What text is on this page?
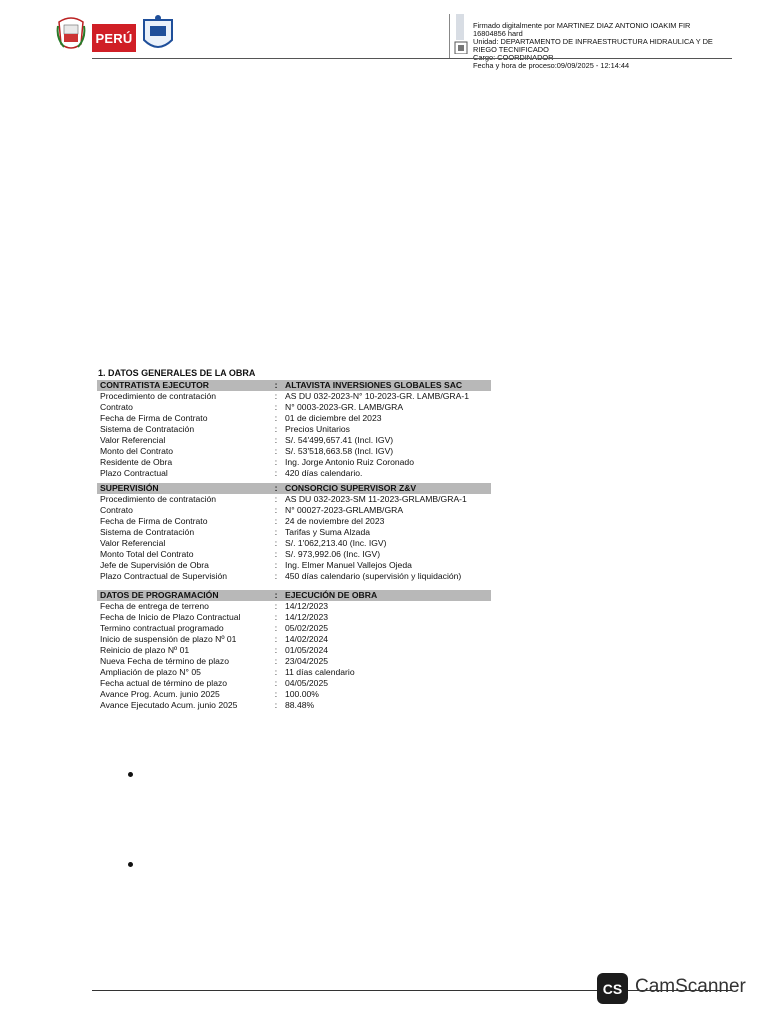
PERÚ
Firmado digitalmente por MARTINEZ DIAZ ANTONIO IOAKIM FIR
16804856 hard
Unidad: DEPARTAMENTO DE INFRAESTRUCTURA HIDRAULICA Y DE
RIEGO TECNIFICADO
Fecha y hora de proceso:09/09/2025 - 12:14:44
1. DATOS GENERALES DE LA OBRA
CONTRATISTA EJECUTOR	:	ALTAVISTA INVERSIONES GLOBALES SAC
Procedimiento de contratación	:	AS DU 032-2023-N° 10-2023-GR. LAMB/GRA-1
Contrato	:	N° 0003-2023-GR. LAMB/GRA
Fecha de Firma de Contrato	:	01 de diciembre del 2023
Sistema de Contratación	:	Precios Unitarios
Valor Referencial	:	S/. 54'499,657.41 (Incl. IGV)
Monto del Contrato	:	S/. 53'518,663.58 (Incl. IGV)
Residente de Obra	:	Ing. Jorge Antonio Ruiz Coronado
Plazo Contractual	:	420 días calendario.
SUPERVISIÓN	:	CONSORCIO SUPERVISOR Z&V
Procedimiento de contratación	:	AS DU 032-2023-SM 11-2023-GRLAMB/GRA-1
Contrato	:	N° 00027-2023-GRLAMB/GRA
Fecha de Firma de Contrato	:	24 de noviembre del 2023
Sistema de Contratación	:	Tarifas y Suma Alzada
Valor Referencial	:	S/. 1'062,213.40 (Inc. IGV)
Monto Total del Contrato	:	S/. 973,992.06 (Inc. IGV)
Jefe de Supervisión de Obra	:	Ing. Elmer Manuel Vallejos Ojeda
Plazo Contractual de Supervisión	:	450 días calendario (supervisión y liquidación)
DATOS DE PROGRAMACIÓN	:	EJECUCIÓN DE OBRA
Fecha de entrega de terreno	:	14/12/2023
Fecha de Inicio de Plazo Contractual	:	14/12/2023
Termino contractual programado	:	05/02/2025
Inicio de suspensión de plazo Nº 01	:	14/02/2024
Reinicio de plazo Nº 01	:	01/05/2024
Nueva Fecha de término de plazo	:	23/04/2025
Ampliación de plazo N° 05	:	11 días calendario
Fecha actual de término de plazo	:	04/05/2025
Avance Prog. Acum. junio 2025	:	100.00%
Avance Ejecutado Acum. junio 2025	:	88.48%
CS CamScanner
